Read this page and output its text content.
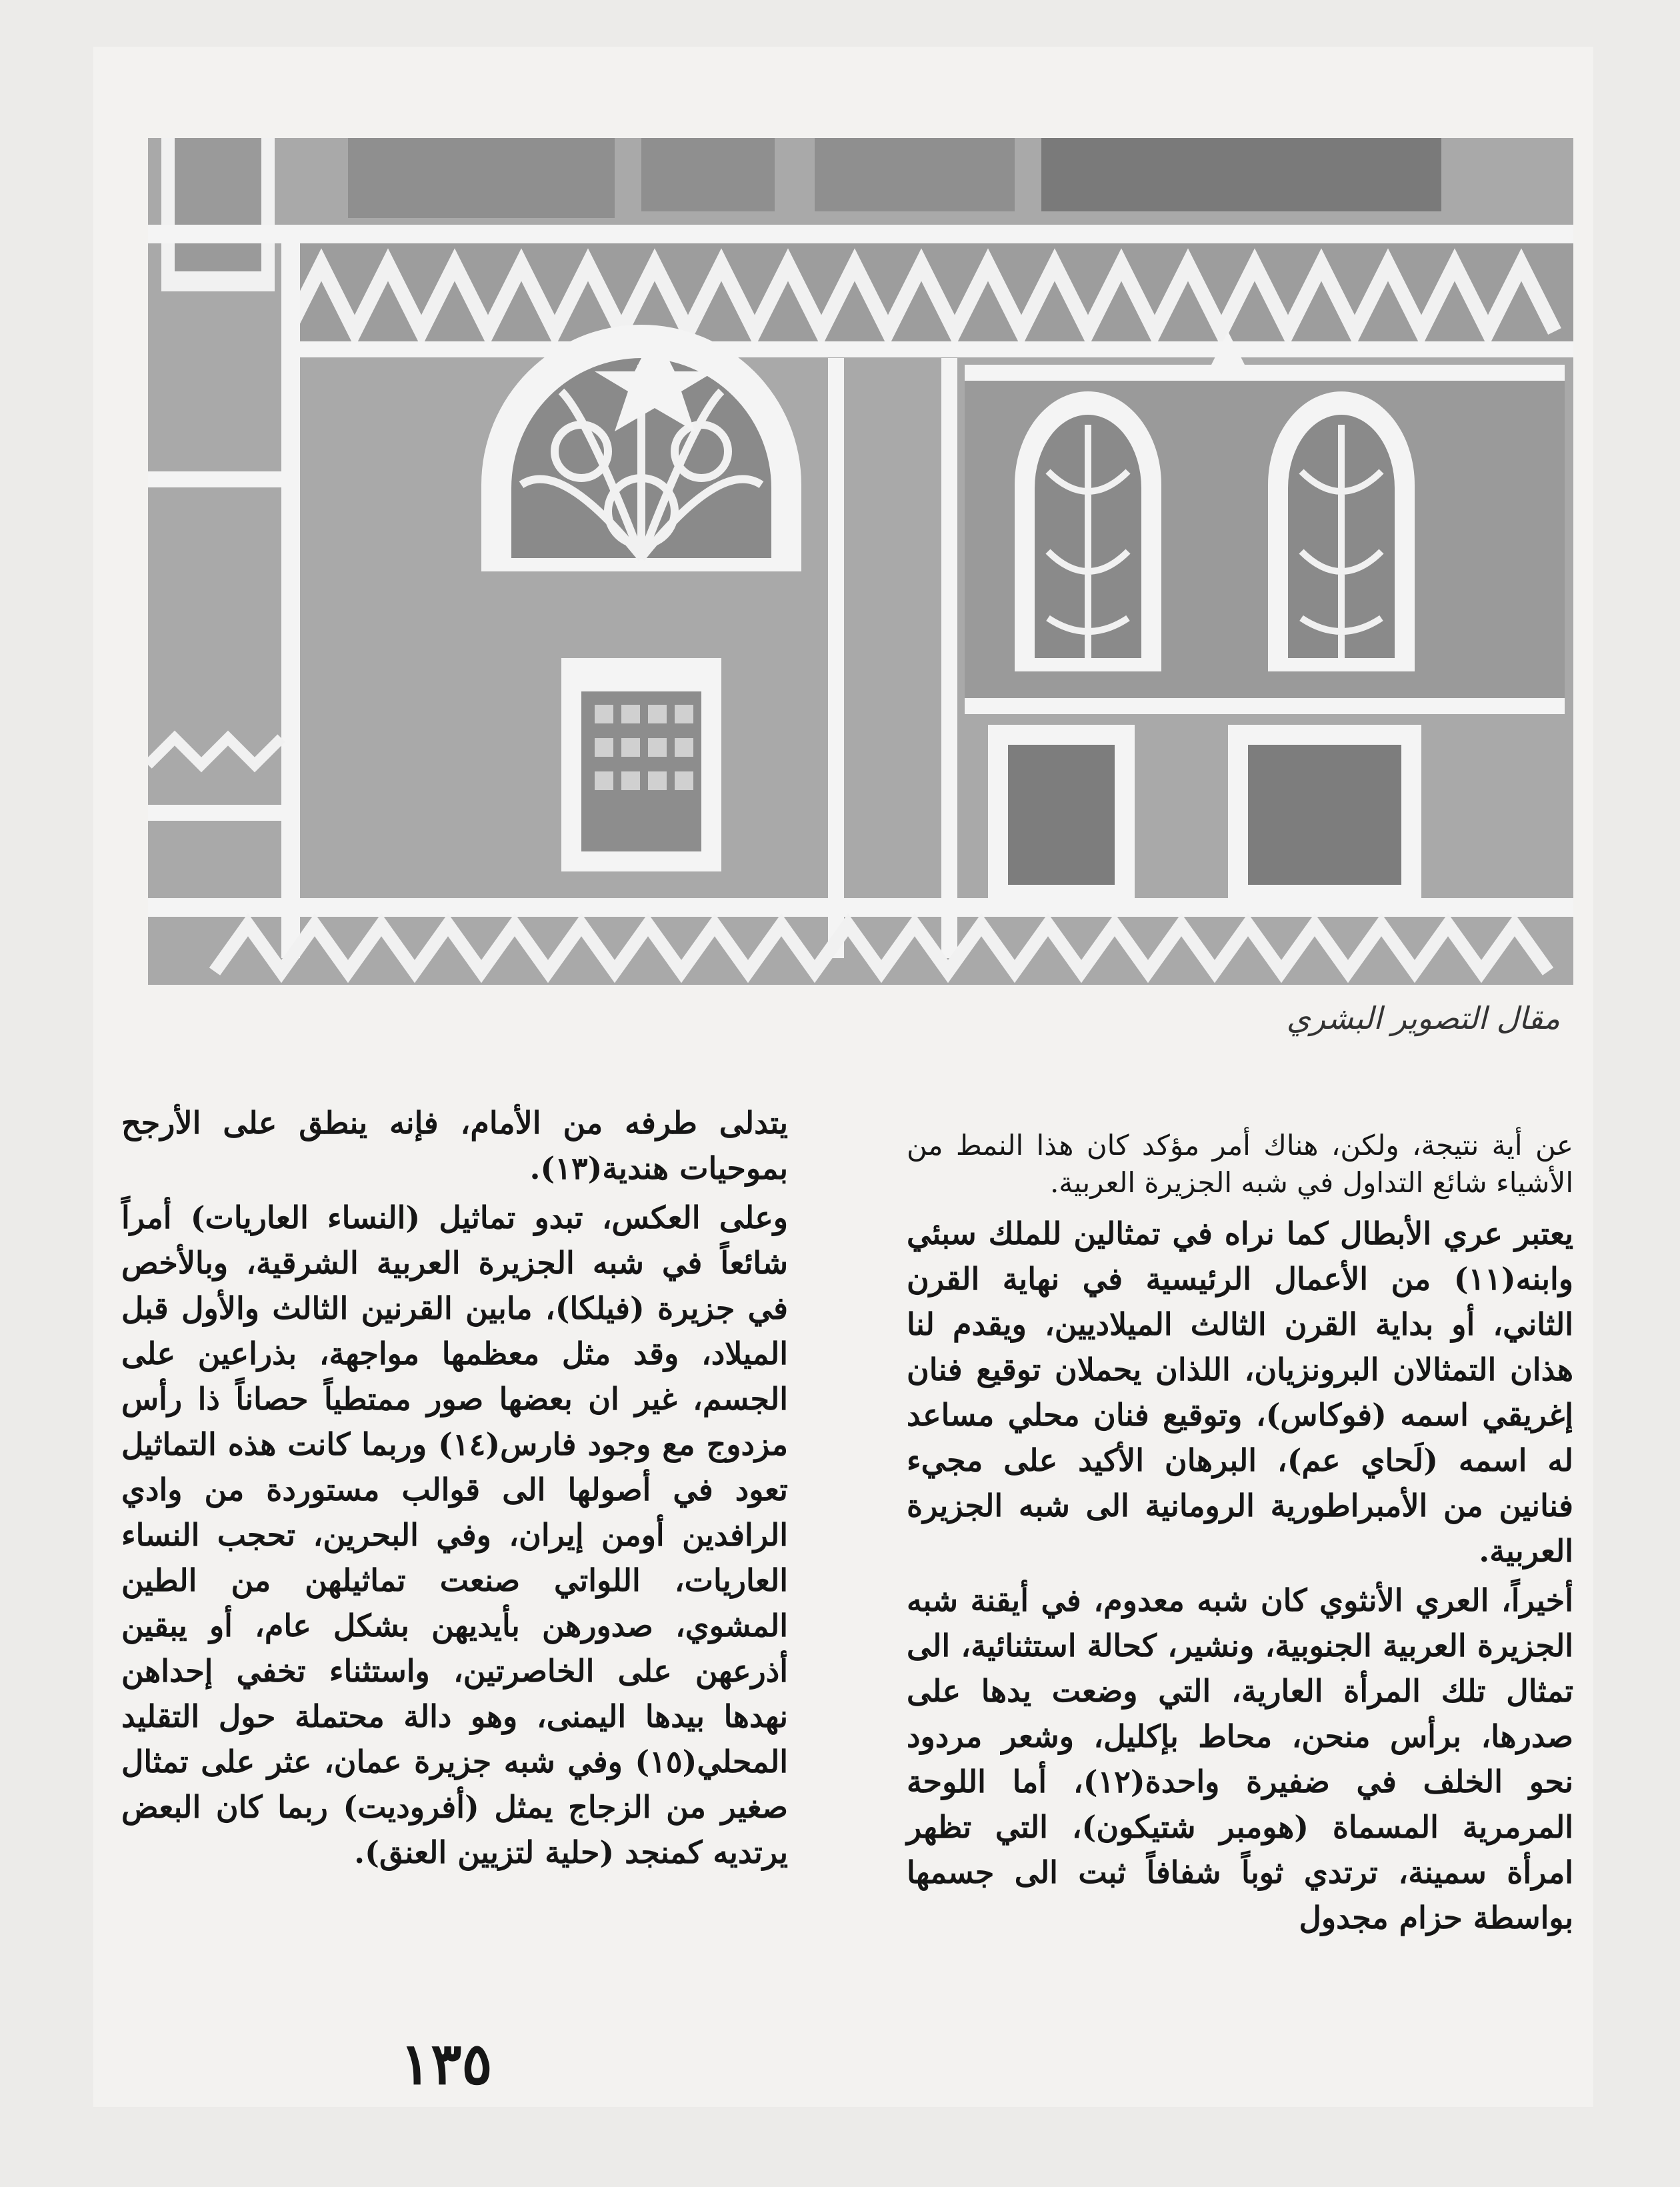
مقال التصوير البشري

عن أية نتيجة، ولكن، هناك أمر مؤكد كان هذا النمط من الأشياء شائع التداول في شبه الجزيرة العربية.

يعتبر عري الأبطال كما نراه في تمثالين للملك سبئي وابنه(١١) من الأعمال الرئيسية في نهاية القرن الثاني، أو بداية القرن الثالث الميلاديين، ويقدم لنا هذان التمثالان البرونزيان، اللذان يحملان توقيع فنان إغريقي اسمه (فوكاس)، وتوقيع فنان محلي مساعد له اسمه (لَحاي عم)، البرهان الأكيد على مجيء فنانين من الأمبراطورية الرومانية الى شبه الجزيرة العربية.

أخيراً، العري الأنثوي كان شبه معدوم، في أيقنة شبه الجزيرة العربية الجنوبية، ونشير، كحالة استثنائية، الى تمثال تلك المرأة العارية، التي وضعت يدها على صدرها، برأس منحن، محاط بإكليل، وشعر مردود نحو الخلف في ضفيرة واحدة(١٢)، أما اللوحة المرمرية المسماة (هومبر شتيكون)، التي تظهر امرأة سمينة، ترتدي ثوباً شفافاً ثبت الى جسمها بواسطة حزام مجدول

يتدلى طرفه من الأمام، فإنه ينطق على الأرجح بموحيات هندية(١٣).

وعلى العكس، تبدو تماثيل (النساء العاريات) أمراً شائعاً في شبه الجزيرة العربية الشرقية، وبالأخص في جزيرة (فيلكا)، مابين القرنين الثالث والأول قبل الميلاد، وقد مثل معظمها مواجهة، بذراعين على الجسم، غير ان بعضها صور ممتطياً حصاناً ذا رأس مزدوج مع وجود فارس(١٤) وربما كانت هذه التماثيل تعود في أصولها الى قوالب مستوردة من وادي الرافدين أومن إيران، وفي البحرين، تحجب النساء العاريات، اللواتي صنعت تماثيلهن من الطين المشوي، صدورهن بأيديهن بشكل عام، أو يبقين أذرعهن على الخاصرتين، واستثناء تخفي إحداهن نهدها بيدها اليمنى، وهو دالة محتملة حول التقليد المحلي(١٥) وفي شبه جزيرة عمان، عثر على تمثال صغير من الزجاج يمثل (أفروديت) ربما كان البعض يرتديه كمنجد (حلية لتزيين العنق).

١٣٥
